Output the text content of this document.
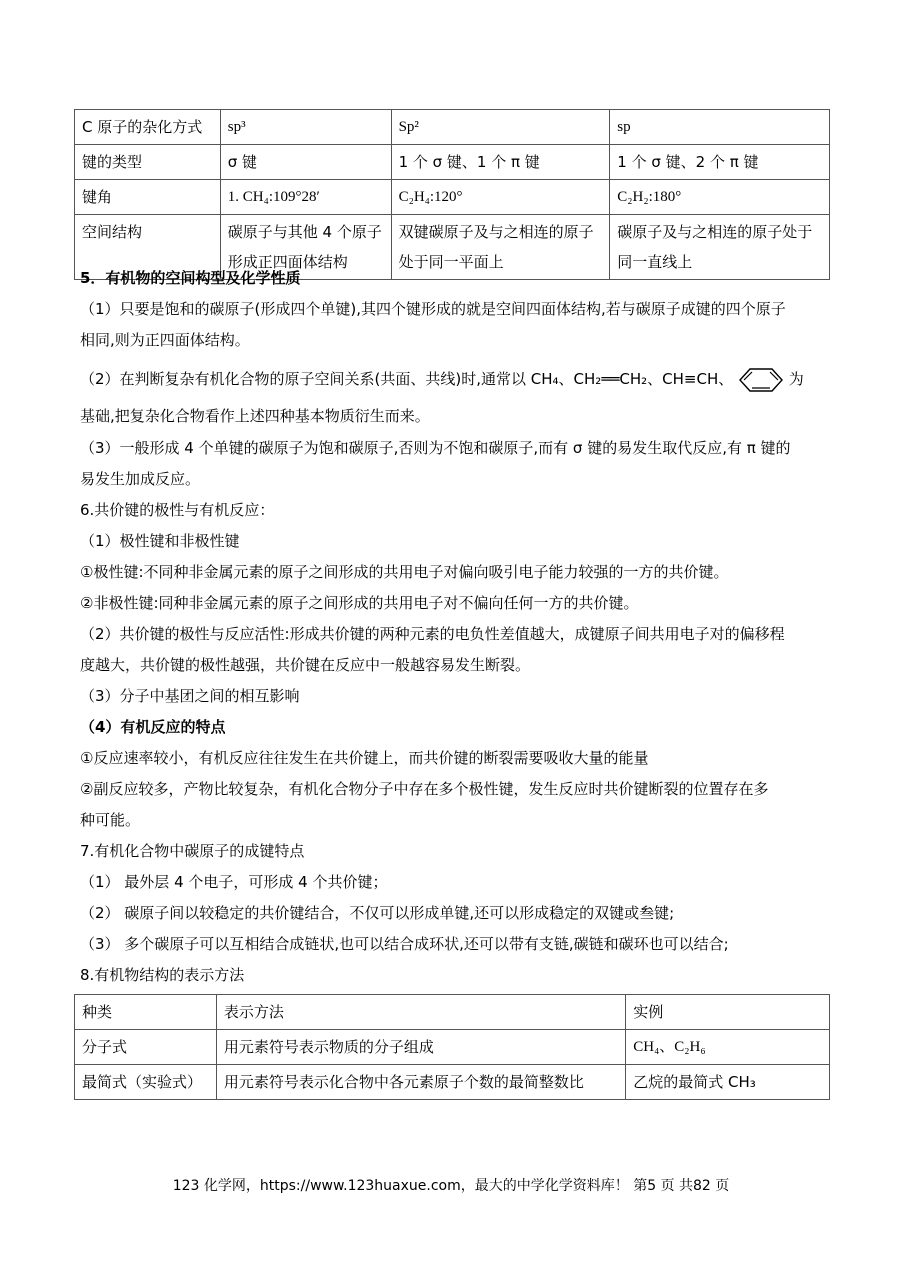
C 原子的杂化方式	sp³	Sp²	sp
键的类型	σ 键	1 个 σ 键、1 个 π 键	1 个 σ 键、2 个 π 键
键角	1. CH₄:109°28′	C₂H₄:120°	C₂H₂:180°
空间结构	碳原子与其他 4 个原子形成正四面体结构	双键碳原子及与之相连的原子处于同一平面上	碳原子及与之相连的原子处于同一直线上
5．有机物的空间构型及化学性质
（1）只要是饱和的碳原子(形成四个单键),其四个键形成的就是空间四面体结构,若与碳原子成键的四个原子
相同,则为正四面体结构。
（2）在判断复杂有机化合物的原子空间关系(共面、共线)时,通常以 CH₄、CH₂══CH₂、CH≡CH、	为
基础,把复杂化合物看作上述四种基本物质衍生而来。
（3）一般形成 4 个单键的碳原子为饱和碳原子,否则为不饱和碳原子,而有 σ 键的易发生取代反应,有 π 键的
易发生加成反应。
6.共价键的极性与有机反应：
（1）极性键和非极性键
①极性键:不同种非金属元素的原子之间形成的共用电子对偏向吸引电子能力较强的一方的共价键。
②非极性键:同种非金属元素的原子之间形成的共用电子对不偏向任何一方的共价键。
（2）共价键的极性与反应活性:形成共价键的两种元素的电负性差值越大，成键原子间共用电子对的偏移程
度越大，共价键的极性越强，共价键在反应中一般越容易发生断裂。
（3）分子中基团之间的相互影响
（4）有机反应的特点
①反应速率较小，有机反应往往发生在共价键上，而共价键的断裂需要吸收大量的能量
②副反应较多，产物比较复杂，有机化合物分子中存在多个极性键，发生反应时共价键断裂的位置存在多
种可能。
7.有机化合物中碳原子的成键特点
（1） 最外层 4 个电子，可形成 4 个共价键；
（2） 碳原子间以较稳定的共价键结合，不仅可以形成单键,还可以形成稳定的双键或叁键;
（3） 多个碳原子可以互相结合成链状,也可以结合成环状,还可以带有支链,碳链和碳环也可以结合;
8.有机物结构的表示方法
种类	表示方法	实例
分子式	用元素符号表示物质的分子组成	CH₄、C₂H₆
最简式（实验式）	用元素符号表示化合物中各元素原子个数的最简整数比	乙烷的最简式 CH₃
123 化学网，https://www.123huaxue.com，最大的中学化学资料库！ 第5 页 共82 页
